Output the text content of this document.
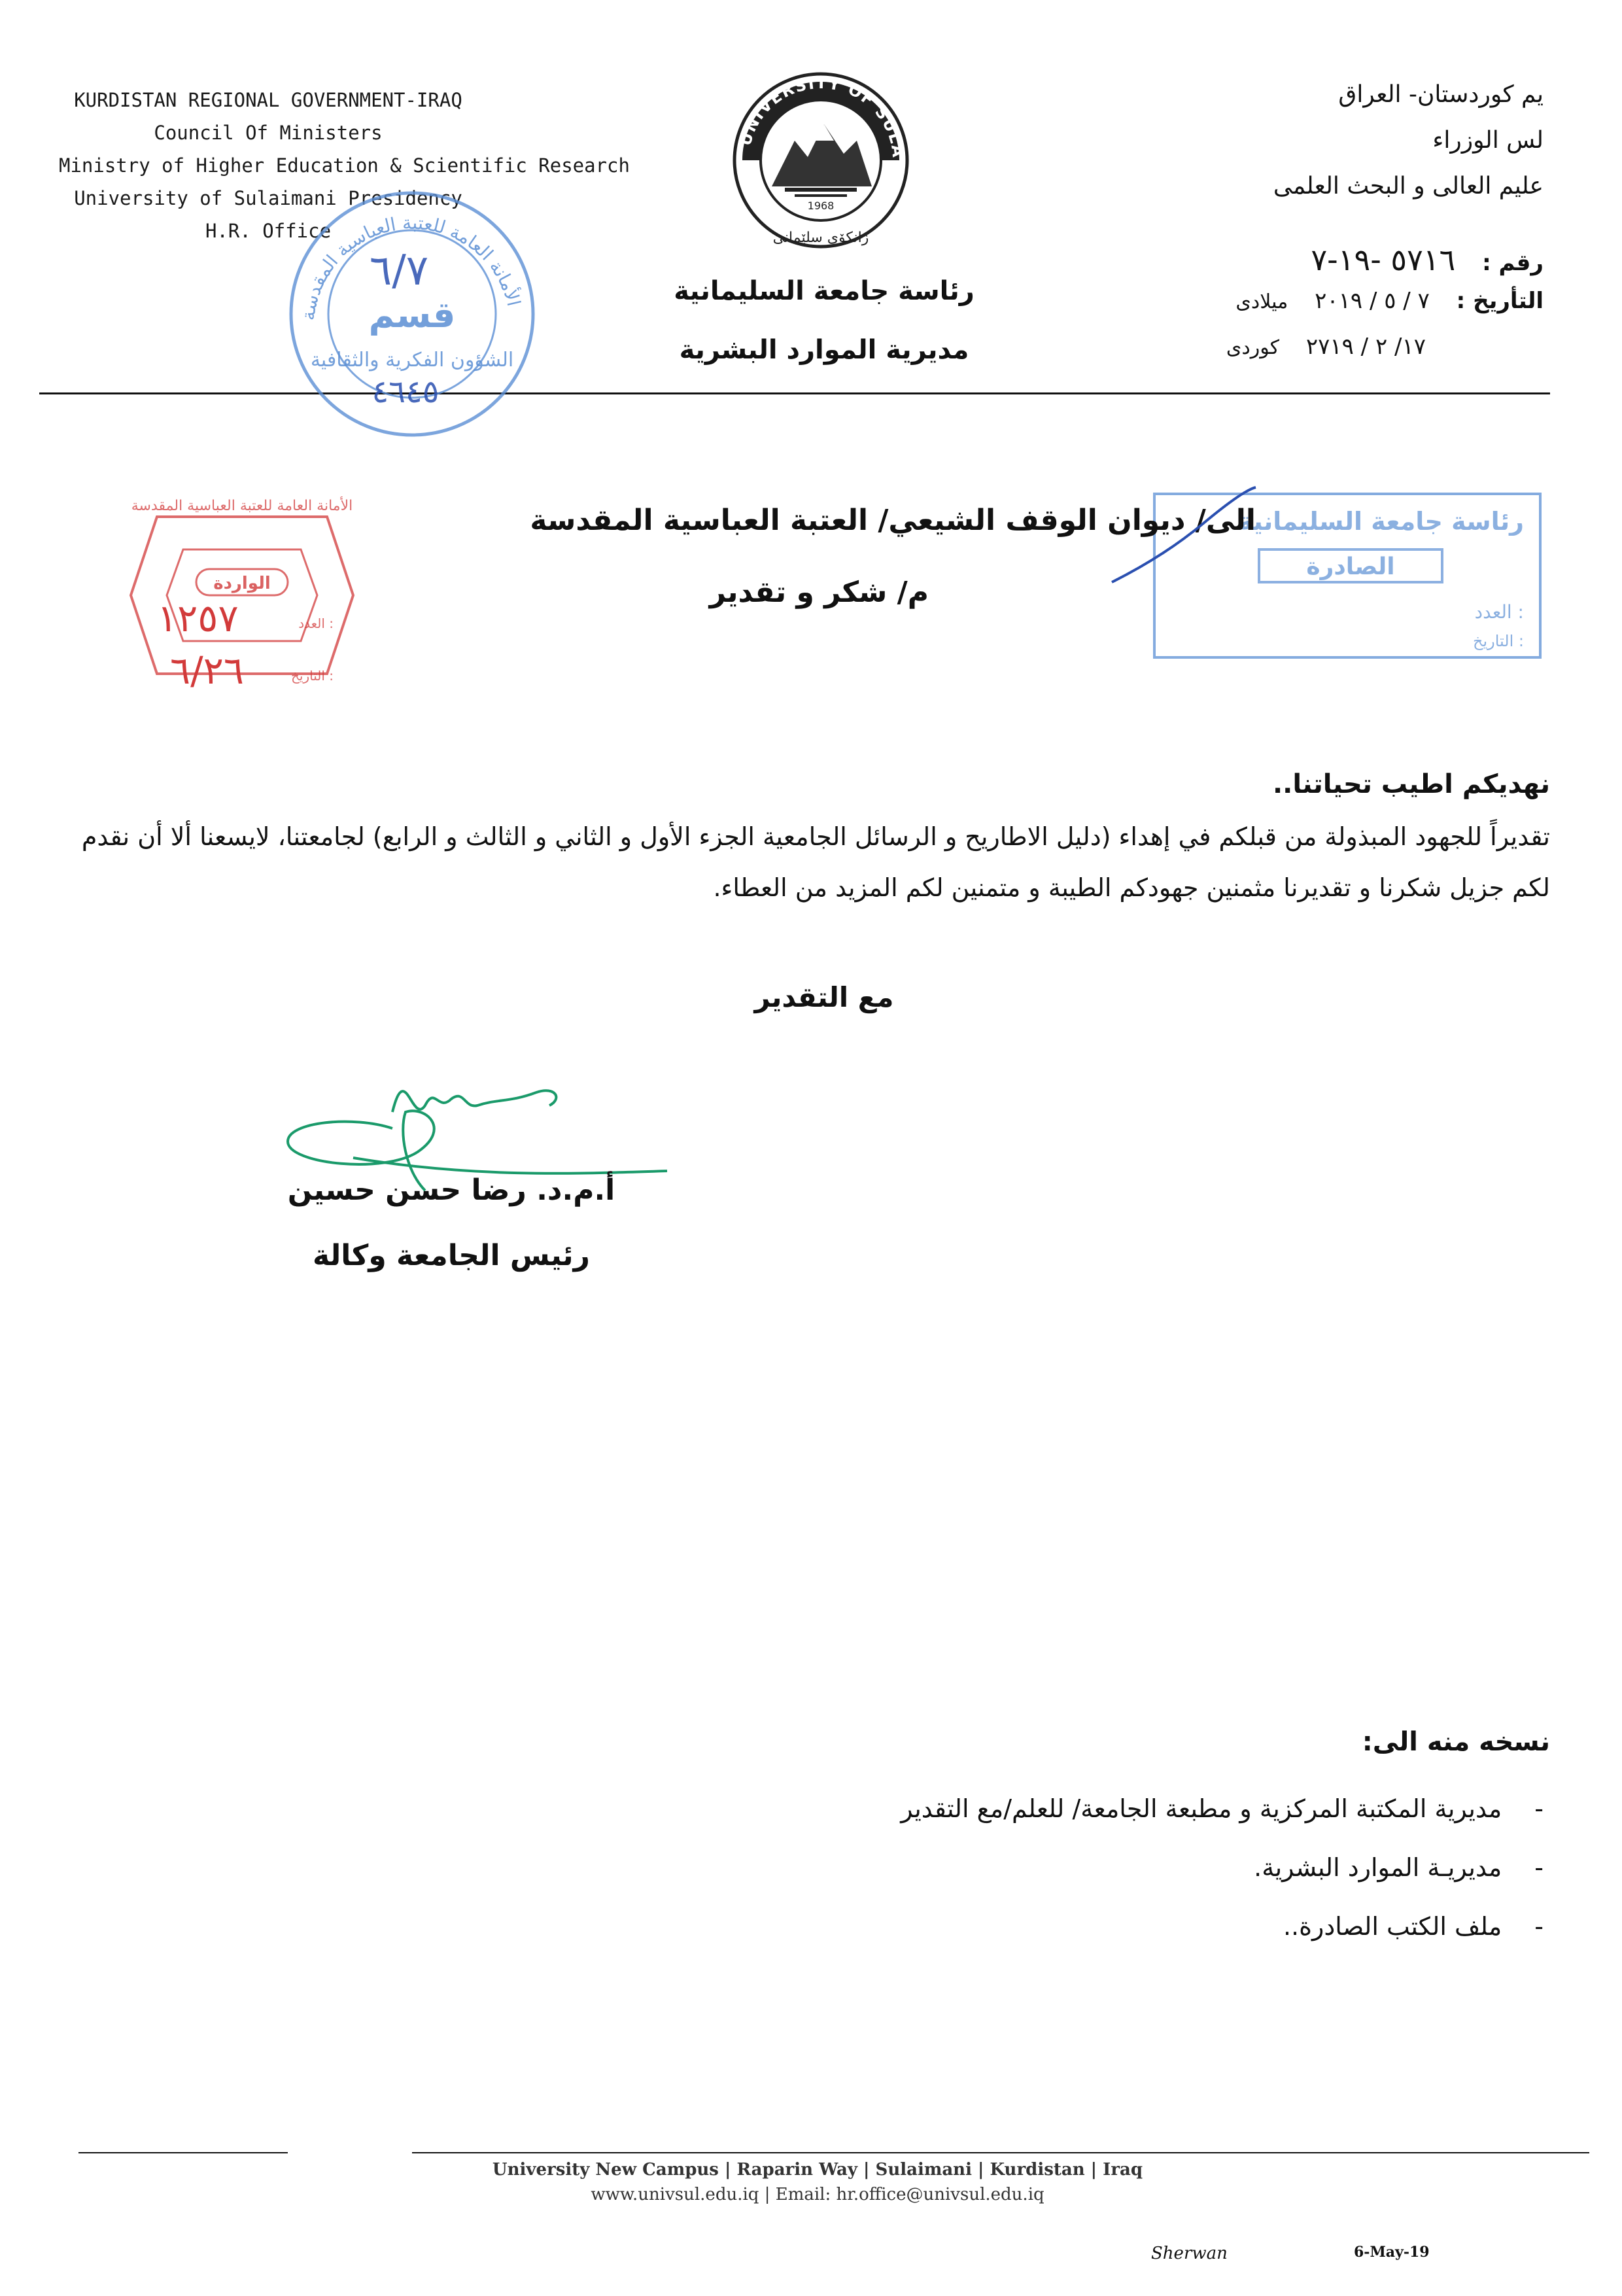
KURDISTAN REGIONAL GOVERNMENT-IRAQ
Council Of Ministers
Ministry of Higher Education & Scientific Research
University of Sulaimani Presidency
H.R. Office
UNIVERSITY OF SULA
1968
زانكۆى سلێمانى
رئاسة جامعة السليمانية
مديرية الموارد البشرية
يم كوردستان- العراق
لس الوزراء
عليم العالى و البحث العلمى
رقم : ٥٧١٦ -١٩-٧
التأريخ : ٧ / ٥ / ٢٠١٩ ميلادى
١٧/ ٢ / ٢٧١٩ كوردى
الأمانة العامة للعتبة العباسية المقدسة
قسم
الشؤون الفكرية والثقافية
٦/٧
٤٦٤٥
الأمانة العامة للعتبة العباسية المقدسة
الواردة
١٢٥٧	العدد :
٦/٢٦	التاريخ :
رئاسة جامعة السليمانية
الصادرة
العدد :
التاريخ :
الى/ ديوان الوقف الشيعي/ العتبة العباسية المقدسة
م/ شكر و تقدير
نهديكم اطيب تحياتنا..
تقديراً للجهود المبذولة من قبلكم في إهداء (دليل الاطاريح و الرسائل الجامعية الجزء الأول و الثاني و الثالث و الرابع) لجامعتنا، لايسعنا ألا أن نقدم لكم جزيل شكرنا و تقديرنا مثمنين جهودكم الطيبة و متمنين لكم المزيد من العطاء.
مع التقدير
أ.م.د. رضا حسن حسين
رئيس الجامعة وكالة
نسخه منه الى:
-
مديرية المكتبة المركزية و مطبعة الجامعة/ للعلم/مع التقدير
-
مديريـة الموارد البشرية.
-
ملف الكتب الصادرة..
University New Campus | Raparin Way | Sulaimani | Kurdistan | Iraq
www.univsul.edu.iq | Email: hr.office@univsul.edu.iq
Sherwan	6-May-19
